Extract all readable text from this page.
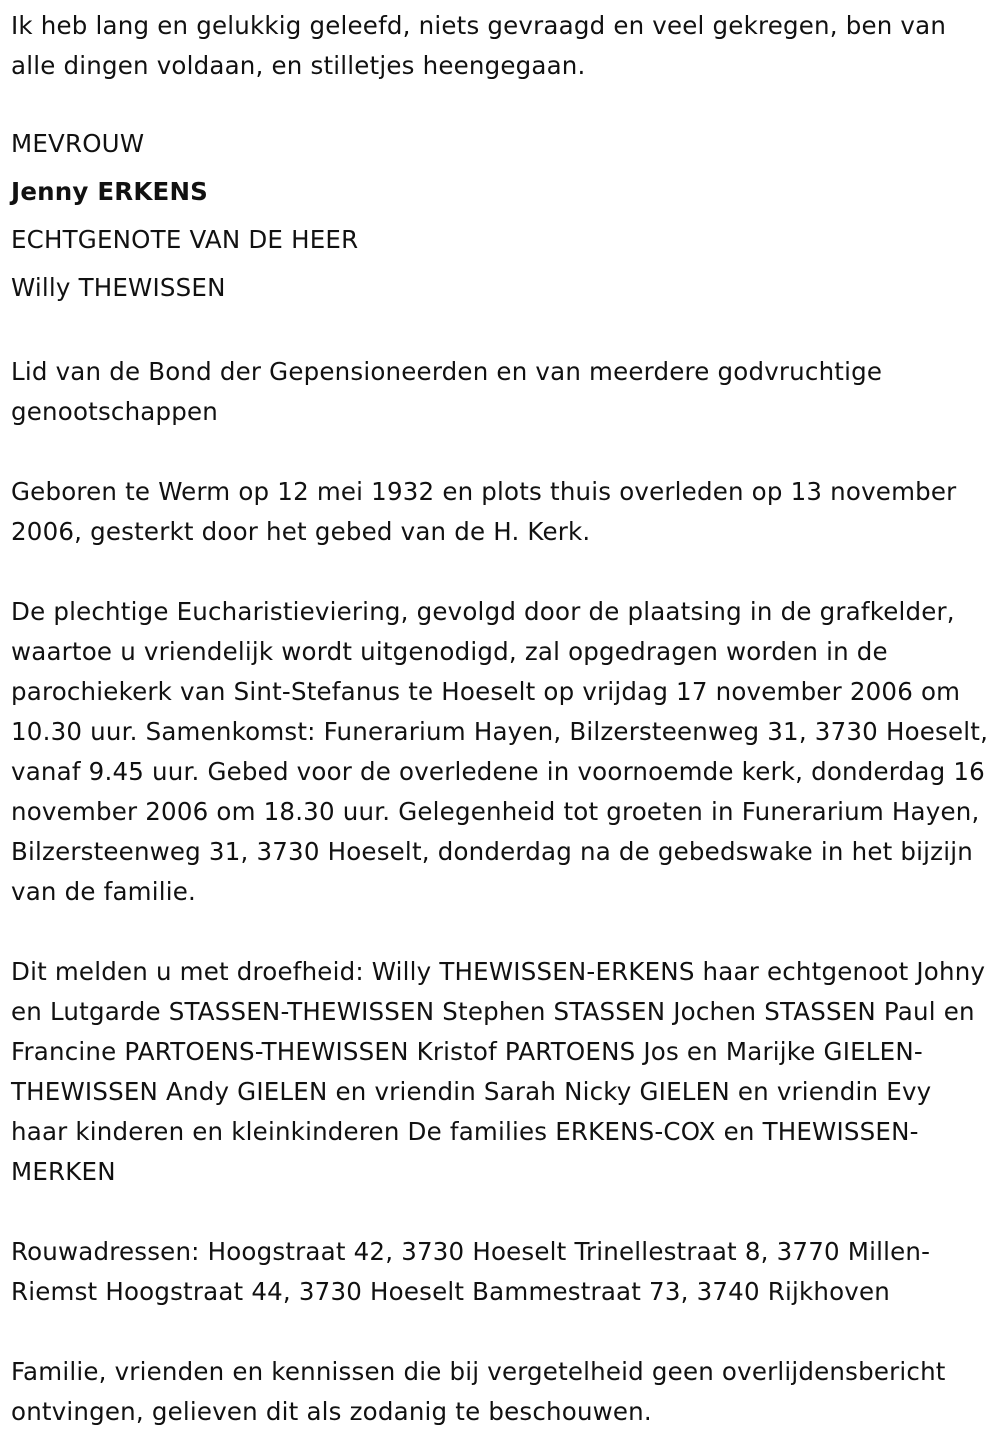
Ik heb lang en gelukkig geleefd, niets gevraagd en veel gekregen, ben van alle dingen voldaan, en stilletjes heengegaan.

MEVROUW
Jenny ERKENS
ECHTGENOTE VAN DE HEER
Willy THEWISSEN

Lid van de Bond der Gepensioneerden en van meerdere godvruchtige genootschappen

Geboren te Werm op 12 mei 1932 en plots thuis overleden op 13 november 2006, gesterkt door het gebed van de H. Kerk.

De plechtige Eucharistieviering, gevolgd door de plaatsing in de grafkelder, waartoe u vriendelijk wordt uitgenodigd, zal opgedragen worden in de parochiekerk van Sint-Stefanus te Hoeselt op vrijdag 17 november 2006 om 10.30 uur. Samenkomst: Funerarium Hayen, Bilzersteenweg 31, 3730 Hoeselt, vanaf 9.45 uur. Gebed voor de overledene in voornoemde kerk, donderdag 16 november 2006 om 18.30 uur. Gelegenheid tot groeten in Funerarium Hayen, Bilzersteenweg 31, 3730 Hoeselt, donderdag na de gebedswake in het bijzijn van de familie.

Dit melden u met droefheid: Willy THEWISSEN-ERKENS haar echtgenoot Johny en Lutgarde STASSEN-THEWISSEN Stephen STASSEN Jochen STASSEN Paul en Francine PARTOENS-THEWISSEN Kristof PARTOENS Jos en Marijke GIELEN-THEWISSEN Andy GIELEN en vriendin Sarah Nicky GIELEN en vriendin Evy haar kinderen en kleinkinderen De families ERKENS-COX en THEWISSEN-MERKEN

Rouwadressen: Hoogstraat 42, 3730 Hoeselt Trinellestraat 8, 3770 Millen-Riemst Hoogstraat 44, 3730 Hoeselt Bammestraat 73, 3740 Rijkhoven

Familie, vrienden en kennissen die bij vergetelheid geen overlijdensbericht ontvingen, gelieven dit als zodanig te beschouwen.
